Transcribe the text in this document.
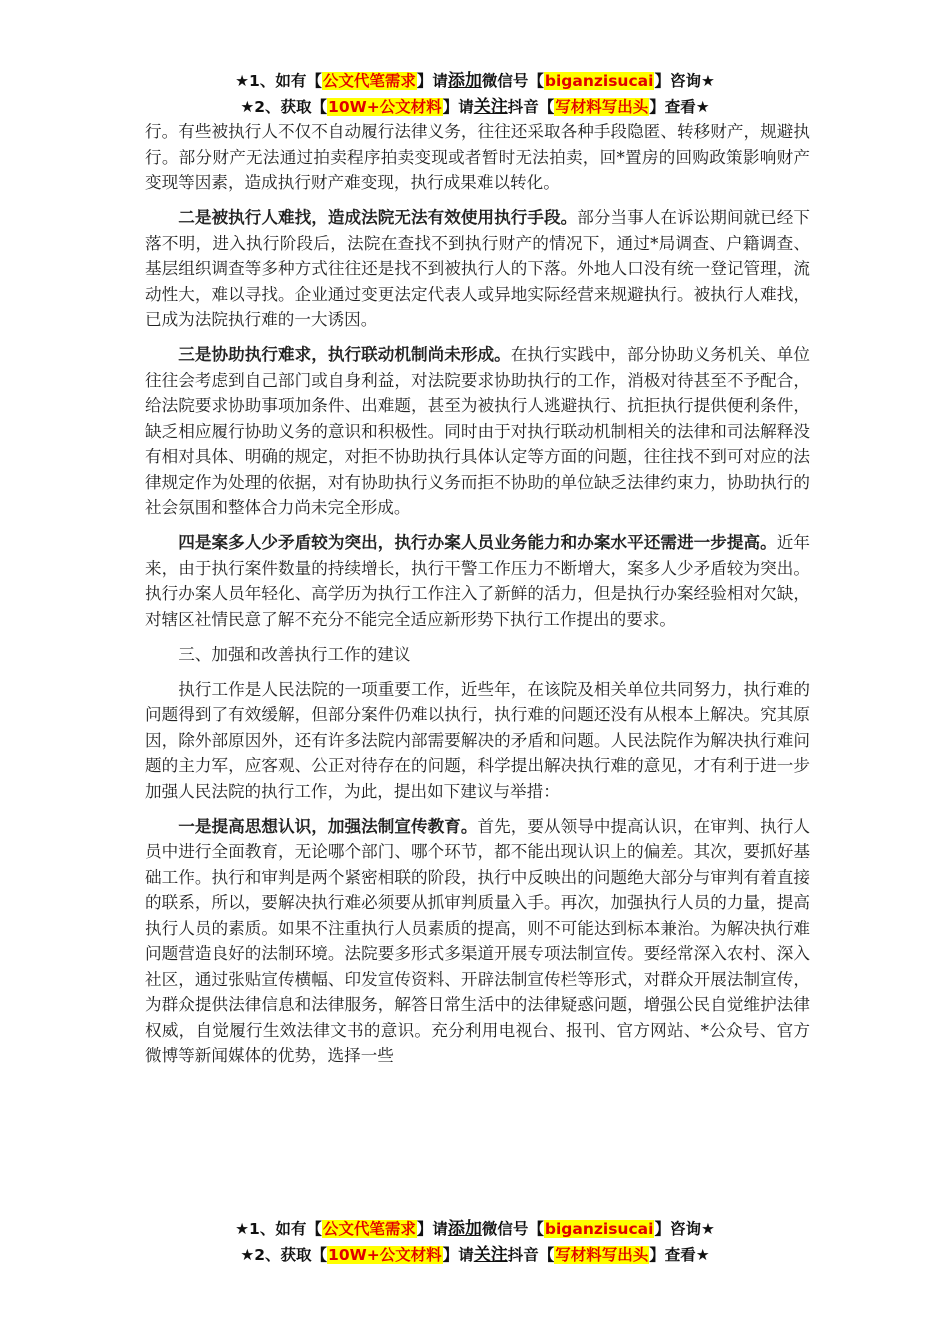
★1、如有【公文代笔需求】请添加微信号【biganzisucai】咨询★
★2、获取【10W+公文材料】请关注抖音【写材料写出头】查看★

行。有些被执行人不仅不自动履行法律义务，往往还采取各种手段隐匿、转移财产，规避执行。部分财产无法通过拍卖程序拍卖变现或者暂时无法拍卖，回*置房的回购政策影响财产变现等因素，造成执行财产难变现，执行成果难以转化。

二是被执行人难找，造成法院无法有效使用执行手段。部分当事人在诉讼期间就已经下落不明，进入执行阶段后，法院在查找不到执行财产的情况下，通过*局调查、户籍调查、基层组织调查等多种方式往往还是找不到被执行人的下落。外地人口没有统一登记管理，流动性大，难以寻找。企业通过变更法定代表人或异地实际经营来规避执行。被执行人难找，已成为法院执行难的一大诱因。

三是协助执行难求，执行联动机制尚未形成。在执行实践中，部分协助义务机关、单位往往会考虑到自己部门或自身利益，对法院要求协助执行的工作，消极对待甚至不予配合，给法院要求协助事项加条件、出难题，甚至为被执行人逃避执行、抗拒执行提供便利条件，缺乏相应履行协助义务的意识和积极性。同时由于对执行联动机制相关的法律和司法解释没有相对具体、明确的规定，对拒不协助执行具体认定等方面的问题，往往找不到可对应的法律规定作为处理的依据，对有协助执行义务而拒不协助的单位缺乏法律约束力，协助执行的社会氛围和整体合力尚未完全形成。

四是案多人少矛盾较为突出，执行办案人员业务能力和办案水平还需进一步提高。近年来，由于执行案件数量的持续增长，执行干警工作压力不断增大，案多人少矛盾较为突出。执行办案人员年轻化、高学历为执行工作注入了新鲜的活力，但是执行办案经验相对欠缺，对辖区社情民意了解不充分不能完全适应新形势下执行工作提出的要求。

三、加强和改善执行工作的建议

执行工作是人民法院的一项重要工作，近些年，在该院及相关单位共同努力，执行难的问题得到了有效缓解，但部分案件仍难以执行，执行难的问题还没有从根本上解决。究其原因，除外部原因外，还有许多法院内部需要解决的矛盾和问题。人民法院作为解决执行难问题的主力军，应客观、公正对待存在的问题，科学提出解决执行难的意见，才有利于进一步加强人民法院的执行工作，为此，提出如下建议与举措：

一是提高思想认识，加强法制宣传教育。首先，要从领导中提高认识，在审判、执行人员中进行全面教育，无论哪个部门、哪个环节，都不能出现认识上的偏差。其次，要抓好基础工作。执行和审判是两个紧密相联的阶段，执行中反映出的问题绝大部分与审判有着直接的联系，所以，要解决执行难必须要从抓审判质量入手。再次，加强执行人员的力量，提高执行人员的素质。如果不注重执行人员素质的提高，则不可能达到标本兼治。为解决执行难问题营造良好的法制环境。法院要多形式多渠道开展专项法制宣传。要经常深入农村、深入社区，通过张贴宣传横幅、印发宣传资料、开辟法制宣传栏等形式，对群众开展法制宣传，为群众提供法律信息和法律服务，解答日常生活中的法律疑惑问题，增强公民自觉维护法律权威，自觉履行生效法律文书的意识。充分利用电视台、报刊、官方网站、*公众号、官方微博等新闻媒体的优势，选择一些

★1、如有【公文代笔需求】请添加微信号【biganzisucai】咨询★
★2、获取【10W+公文材料】请关注抖音【写材料写出头】查看★
